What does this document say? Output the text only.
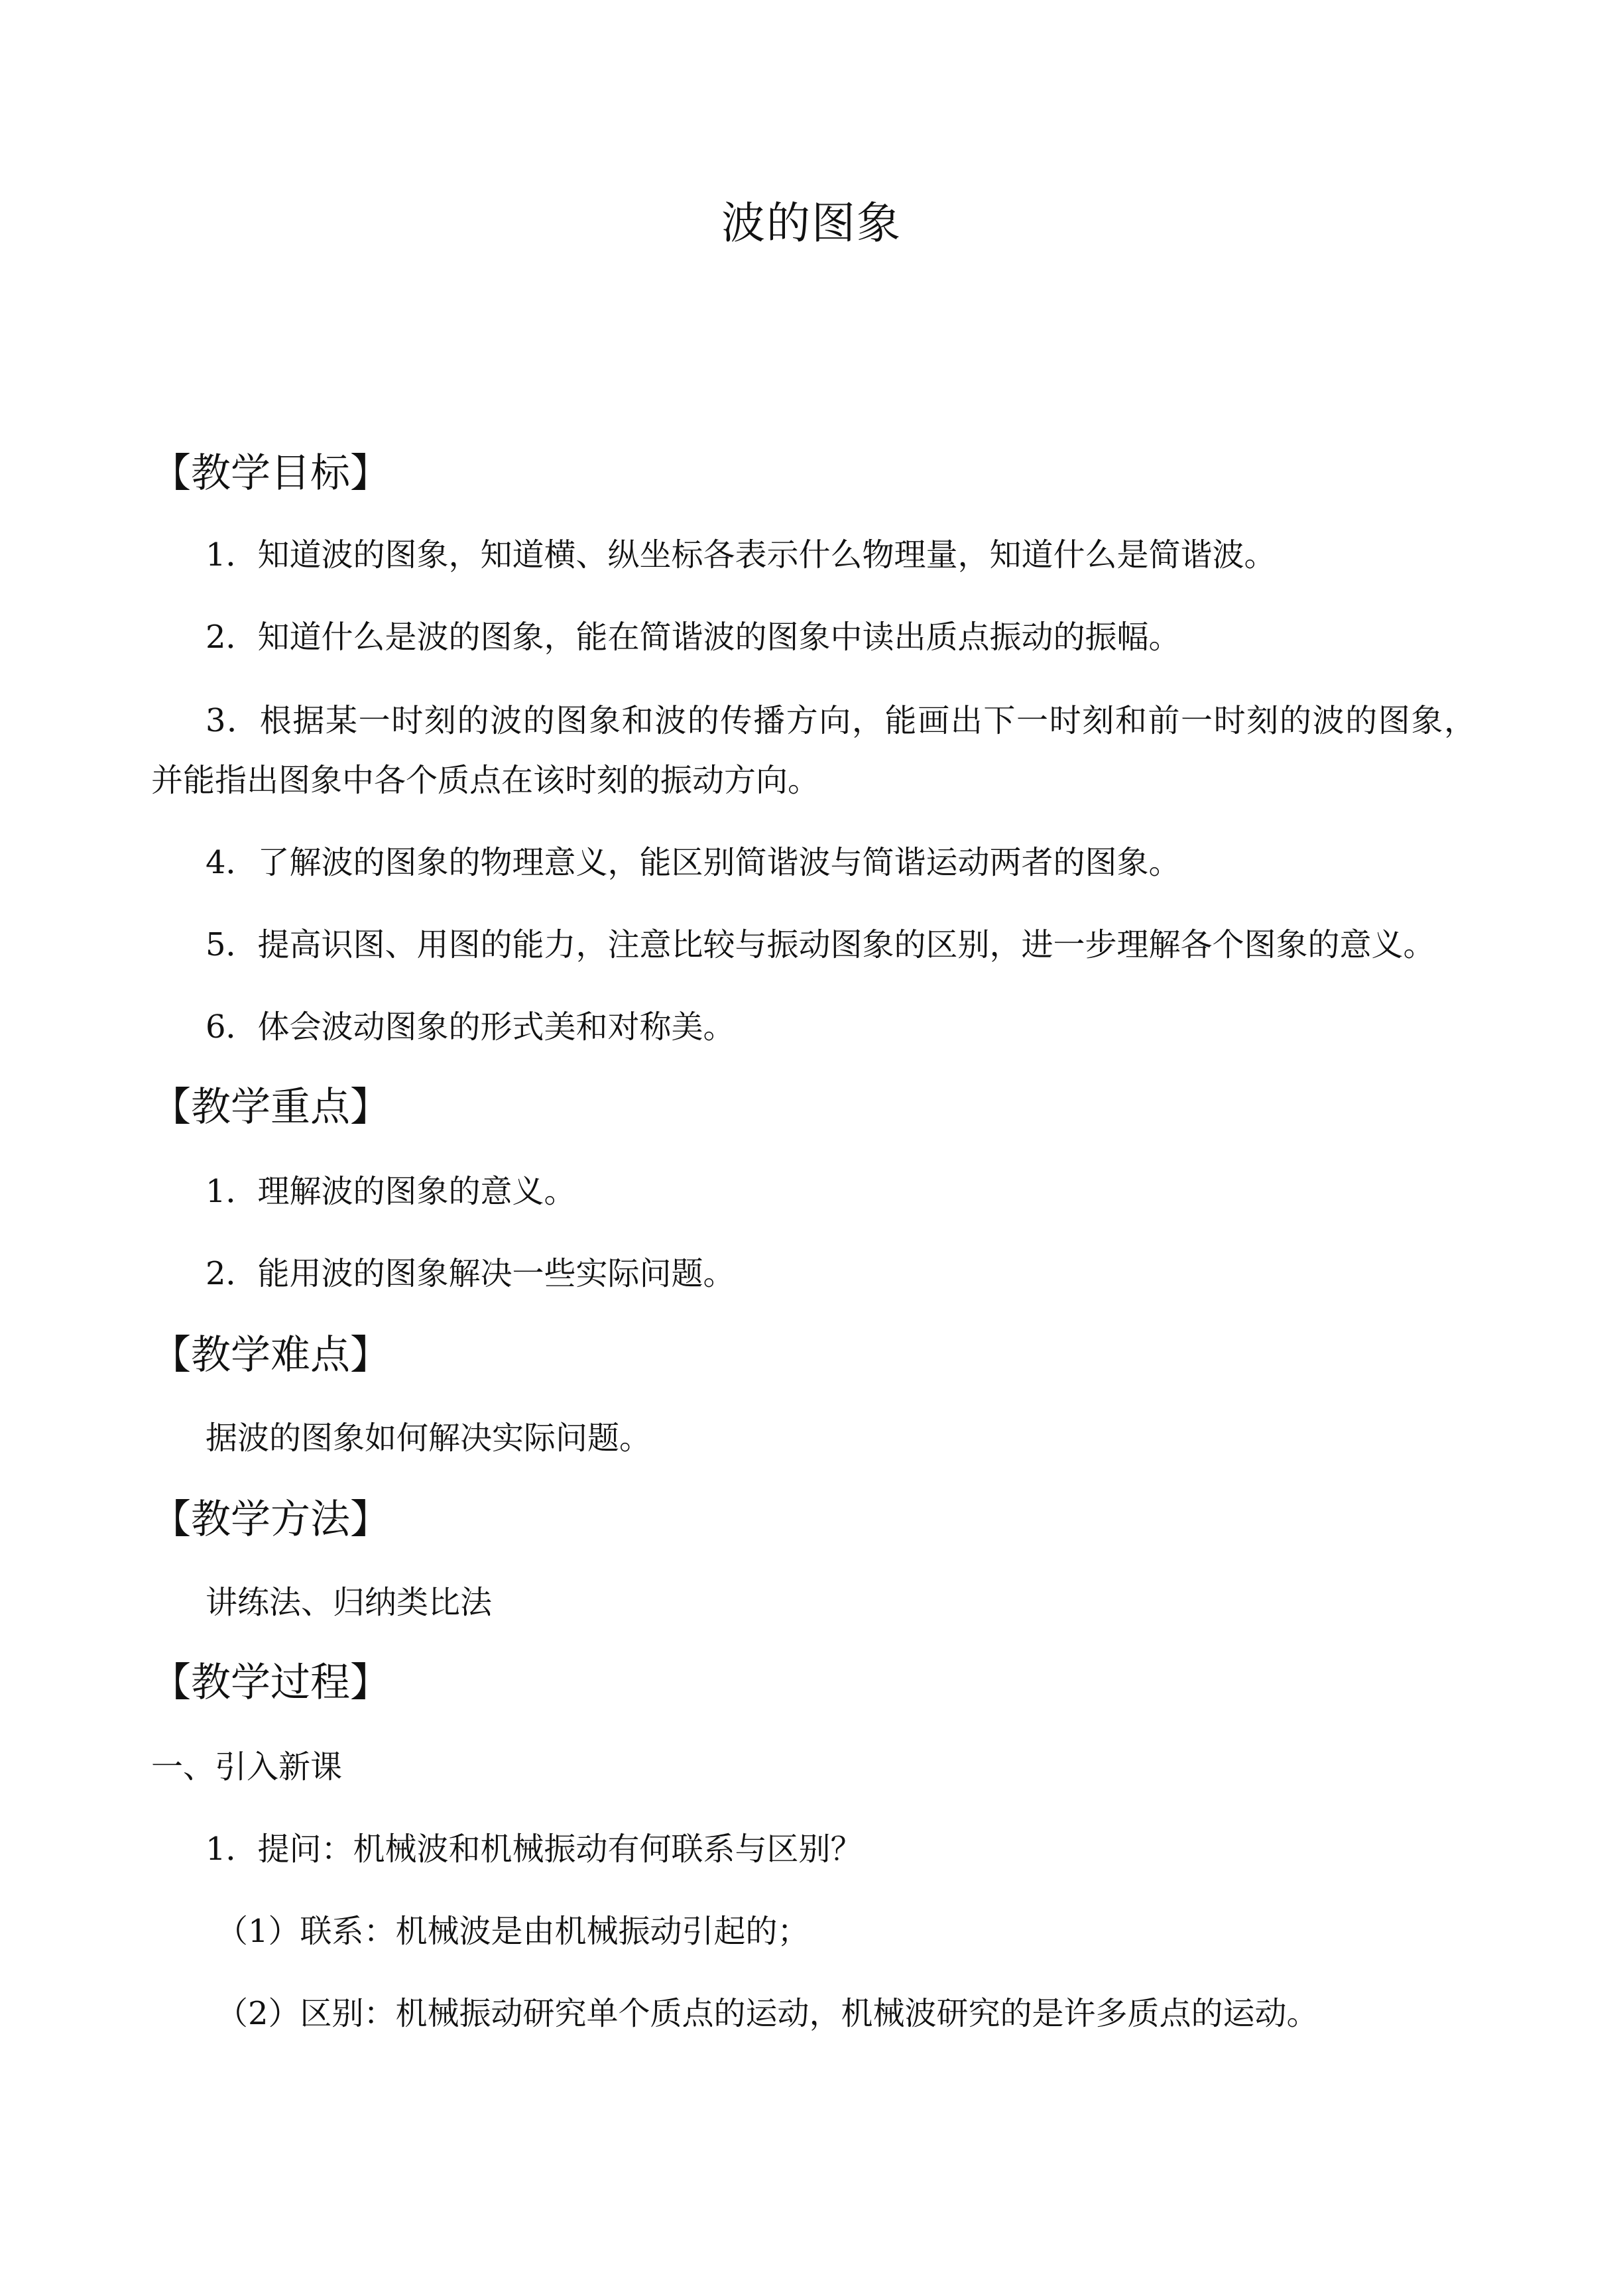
波的图象
【教学目标】
1．知道波的图象，知道横、纵坐标各表示什么物理量，知道什么是简谐波。
2．知道什么是波的图象，能在简谐波的图象中读出质点振动的振幅。
3．根据某一时刻的波的图象和波的传播方向，能画出下一时刻和前一时刻的波的图象，
并能指出图象中各个质点在该时刻的振动方向。
4．了解波的图象的物理意义，能区别简谐波与简谐运动两者的图象。
5．提高识图、用图的能力，注意比较与振动图象的区别，进一步理解各个图象的意义。
6．体会波动图象的形式美和对称美。
【教学重点】
1．理解波的图象的意义。
2．能用波的图象解决一些实际问题。
【教学难点】
据波的图象如何解决实际问题。
【教学方法】
讲练法、归纳类比法
【教学过程】
一、引入新课
1．提问：机械波和机械振动有何联系与区别？
（1）联系：机械波是由机械振动引起的；
（2）区别：机械振动研究单个质点的运动，机械波研究的是许多质点的运动。
